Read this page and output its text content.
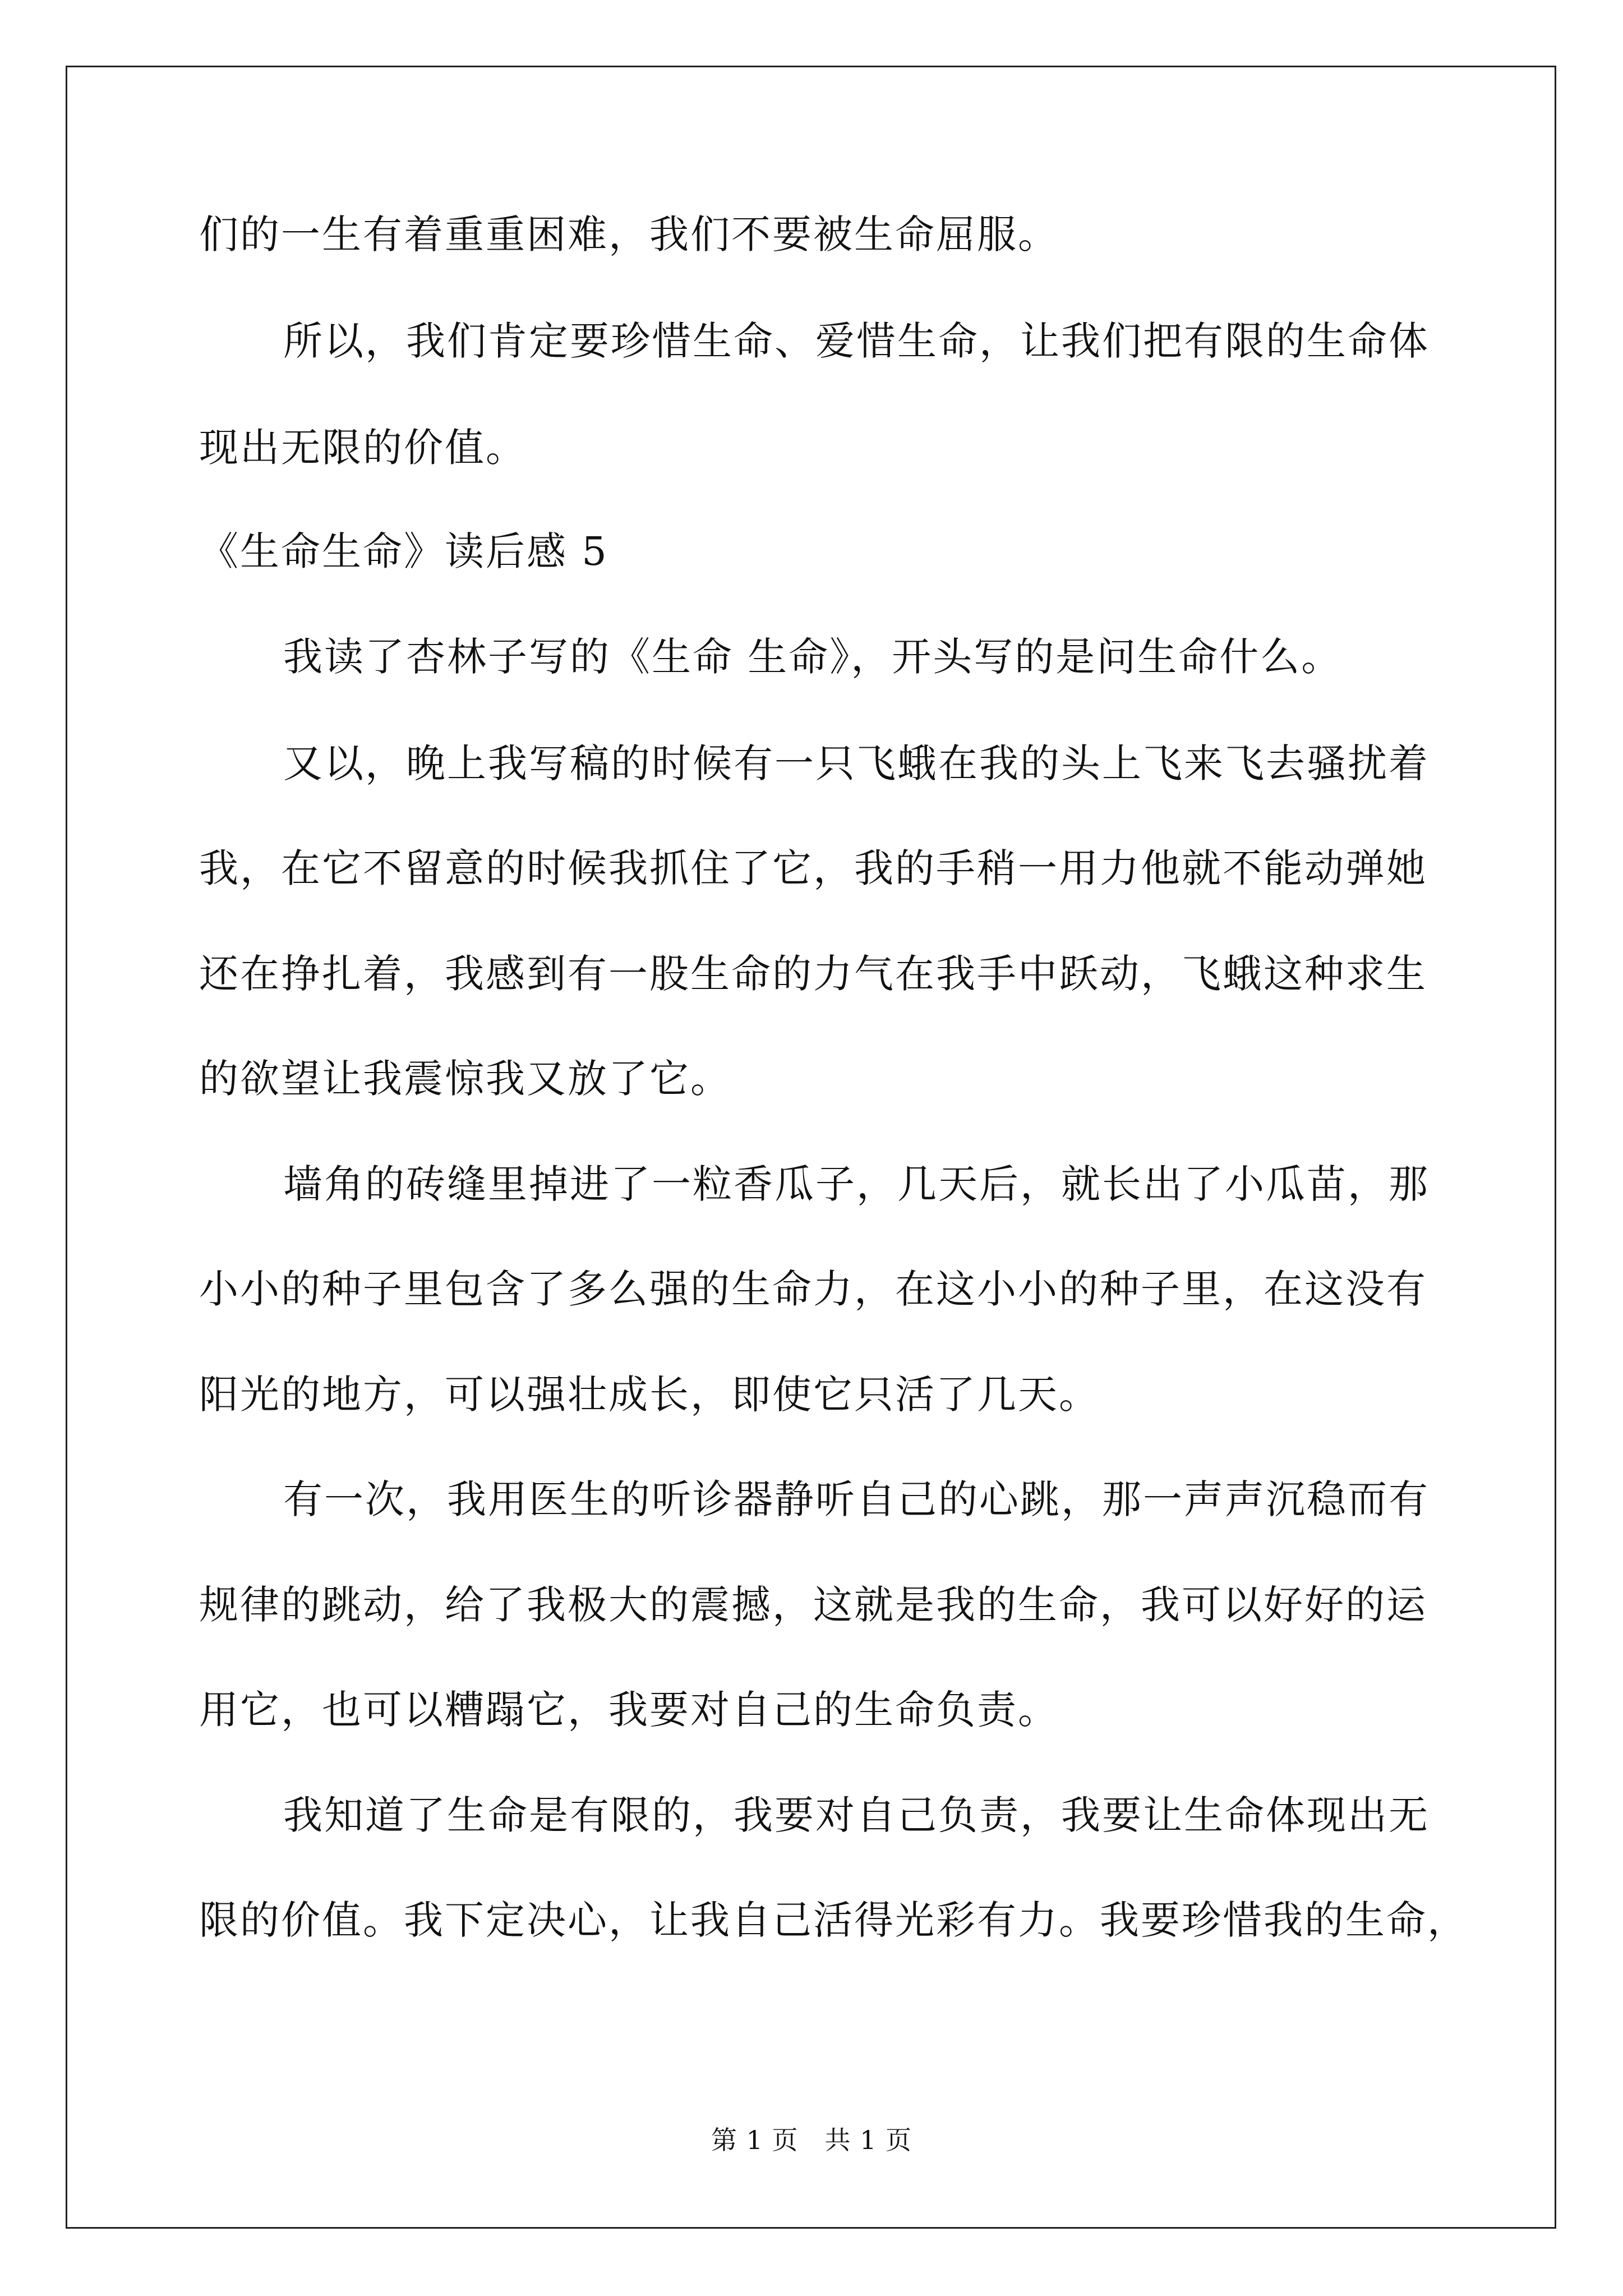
们的一生有着重重困难，我们不要被生命屈服。
所以，我们肯定要珍惜生命、爱惜生命，让我们把有限的生命体
现出无限的价值。
《生命生命》读后感 5
我读了杏林子写的《生命 生命》，开头写的是问生命什么。
又以，晚上我写稿的时候有一只飞蛾在我的头上飞来飞去骚扰着
我，在它不留意的时候我抓住了它，我的手稍一用力他就不能动弹她
还在挣扎着，我感到有一股生命的力气在我手中跃动，飞蛾这种求生
的欲望让我震惊我又放了它。
墙角的砖缝里掉进了一粒香瓜子，几天后，就长出了小瓜苗，那
小小的种子里包含了多么强的生命力，在这小小的种子里，在这没有
阳光的地方，可以强壮成长，即使它只活了几天。
有一次，我用医生的听诊器静听自己的心跳，那一声声沉稳而有
规律的跳动，给了我极大的震撼，这就是我的生命，我可以好好的运
用它，也可以糟蹋它，我要对自己的生命负责。
我知道了生命是有限的，我要对自己负责，我要让生命体现出无
限的价值。我下定决心，让我自己活得光彩有力。我要珍惜我的生命，
第 1 页　共 1 页
